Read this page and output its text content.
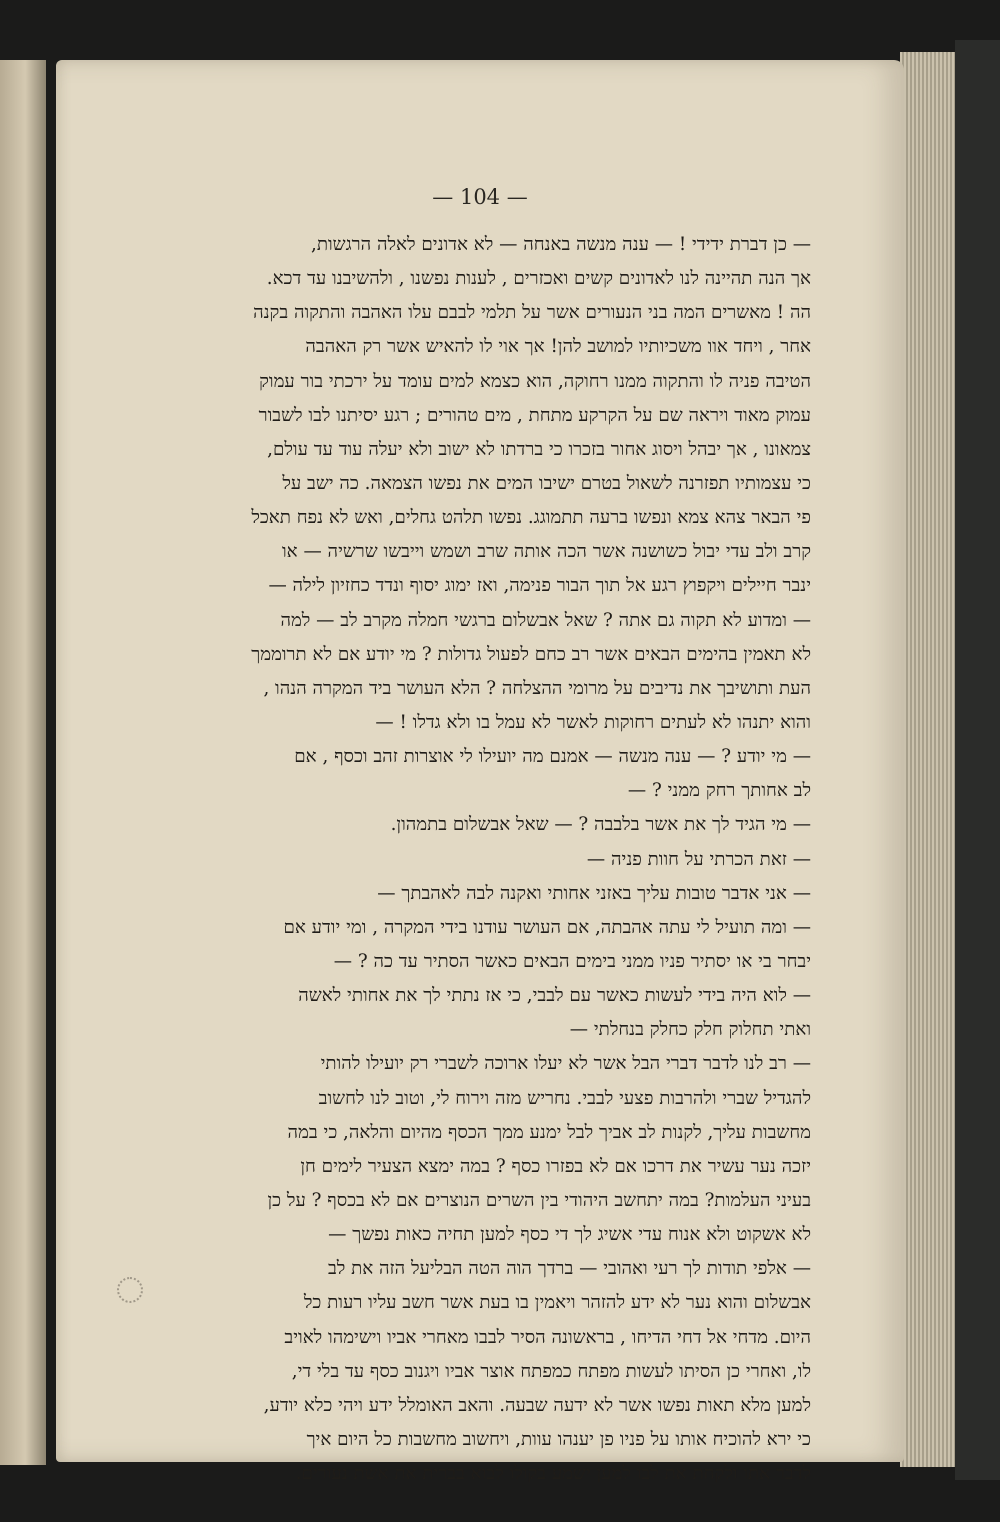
— 104 —
— כן דברת ידידי ! — ענה מנשה באנחה — לא אדונים לאלה הרגשות,
אך הנה תהיינה לנו לאדונים קשים ואכזרים , לענות נפשנו , ולהשיבנו עד דכא.
הה ! מאשרים המה בני הנעורים אשר על תלמי לבבם עלו האהבה והתקוה בקנה
אחר , ויחד אוו משכיותיו למושב להן! אך אוי לו להאיש אשר רק האהבה
הטיבה פניה לו והתקוה ממנו רחוקה, הוא כצמא למים עומד על ירכתי בור עמוק
עמוק מאוד ויראה שם על הקרקע מתחת , מים טהורים ; רגע יסיתנו לבו לשבור
צמאונו , אך יבהל ויסוג אחור בזכרו כי ברדתו לא ישוב ולא יעלה עוד עד עולם,
כי עצמותיו תפזרנה לשאול בטרם ישיבו המים את נפשו הצמאה. כה ישב על
פי הבאר צהא צמא ונפשו ברעה תתמוגג. נפשו תלהט גחלים, ואש לא נפח תאכל
קרב ולב עדי יבול כשושנה אשר הכה אותה שרב ושמש וייבשו שרשיה — או
ינבר חיילים ויקפוץ רגע אל תוך הבור פנימה, ואז ימוג יסוף ונדד כחזיון לילה —
— ומדוע לא תקוה גם אתה ? שאל אבשלום ברגשי חמלה מקרב לב — למה
לא תאמין בהימים הבאים אשר רב כחם לפעול גדולות ? מי יודע אם לא תרוממך
העת ותושיבך את נדיבים על מרומי ההצלחה ? הלא העושר ביד המקרה הנהו ,
והוא יתנהו לא לעתים רחוקות לאשר לא עמל בו ולא גדלו ! —
— מי יודע ? — ענה מנשה — אמנם מה יועילו לי אוצרות זהב וכסף , אם
לב אחותך רחק ממני ? —
— מי הגיד לך את אשר בלבבה ? — שאל אבשלום בתמהון.
— זאת הכרתי על חוות פניה —
— אני אדבר טובות עליך באזני אחותי ואקנה לבה לאהבתך —
— ומה תועיל לי עתה אהבתה, אם העושר עודנו בידי המקרה , ומי יודע אם
יבחר בי או יסתיר פניו ממני בימים הבאים כאשר הסתיר עד כה ? —
— לוא היה בידי לעשות כאשר עם לבבי, כי אז נתתי לך את אחותי לאשה
ואתי תחלוק חלק כחלק בנחלתי —
— רב לנו לדבר דברי הבל אשר לא יעלו ארוכה לשברי רק יועילו להותי
להגדיל שברי ולהרבות פצעי לבבי. נחריש מזה וירוח לי, וטוב לנו לחשוב
מחשבות עליך, לקנות לב אביך לבל ימנע ממך הכסף מהיום והלאה, כי במה
יזכה נער עשיר את דרכו אם לא בפזרו כסף ? במה ימצא הצעיר לימים חן
בעיני העלמות? במה יתחשב היהודי בין השרים הנוצרים אם לא בכסף ? על כן
לא אשקוט ולא אנוח עדי אשיג לך די כסף למען תחיה כאות נפשך —
— אלפי תודות לך רעי ואהובי — ברדך הוה הטה הבליעל הזה את לב
אבשלום והוא נער לא ידע להזהר ויאמין בו בעת אשר חשב עליו רעות כל
היום. מדחי אל דחי הדיחו , בראשונה הסיר לבבו מאחרי אביו וישימהו לאויב
לו, ואחרי כן הסיתו לעשות מפתח כמפתח אוצר אביו ויגנוב כסף עד בלי די,
למען מלא תאות נפשו אשר לא ידעה שבעה. והאב האומלל ידע ויהי כלא יודע,
כי ירא להוכיח אותו על פניו פן יענהו עוות, ויחשוב מחשבות כל היום איך
לדבר אתו ולקחת את לבו למען ישמע בקולו לבוא בברית את אשת נעורים.
